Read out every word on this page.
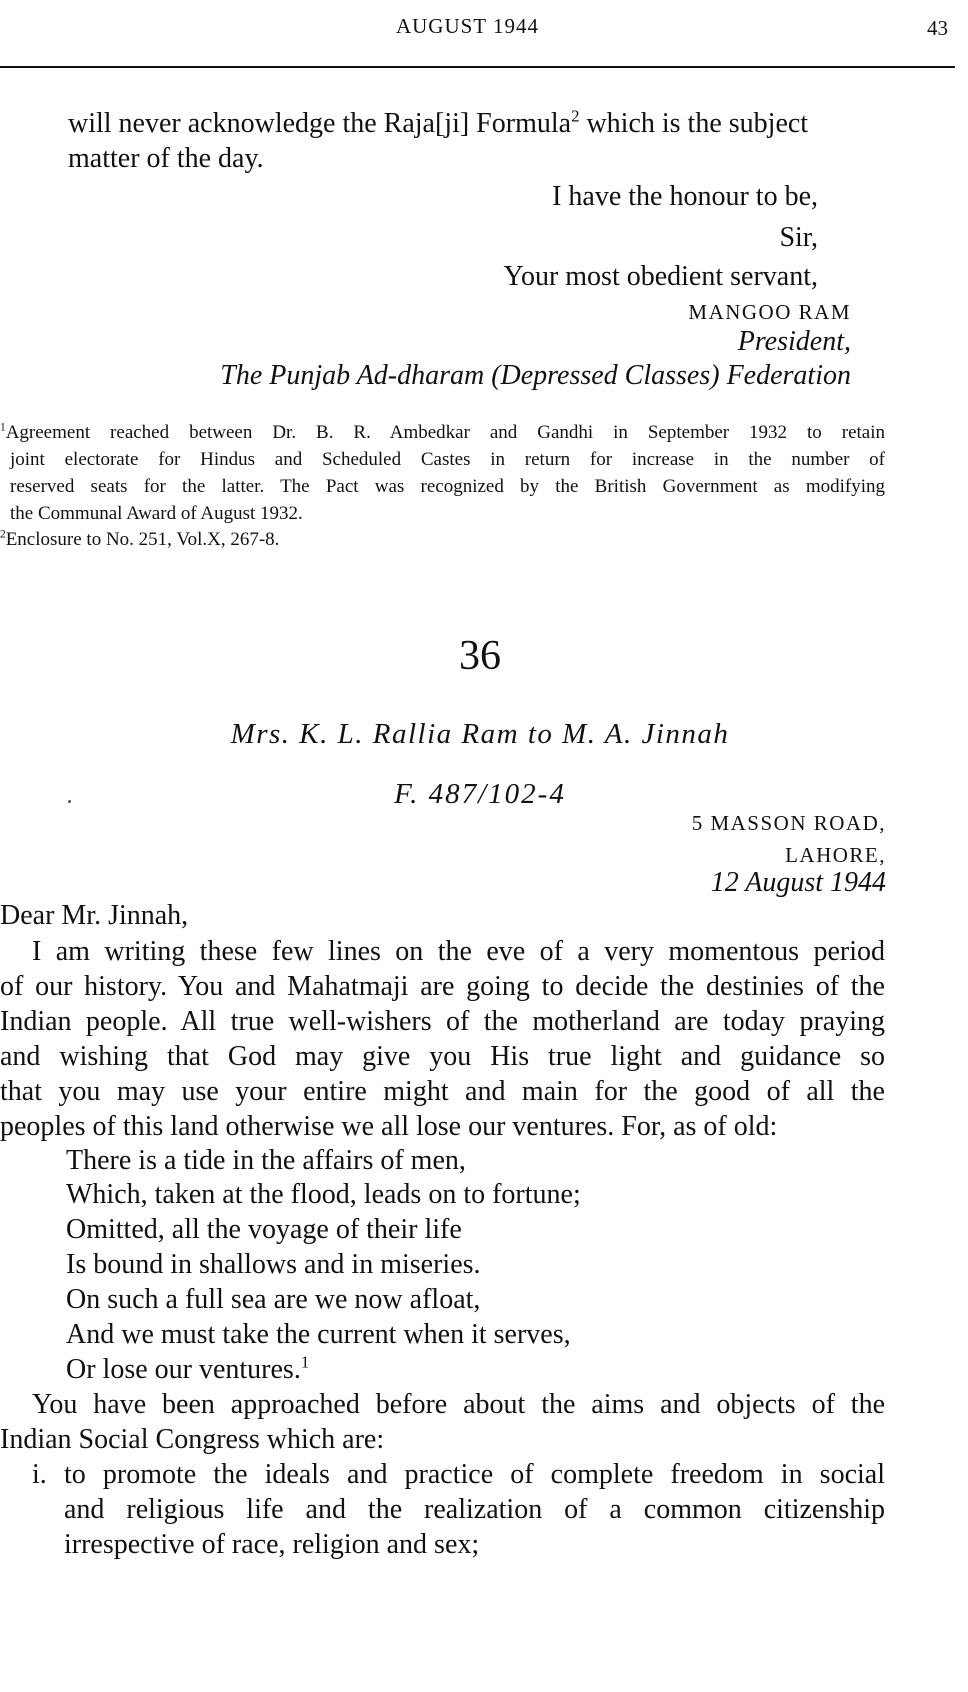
AUGUST 1944	43
will never acknowledge the Raja[ji] Formula$^2$ which is the subject
matter of the day.
I have the honour to be,
Sir,
Your most obedient servant,
MANGOO RAM
President,
The Punjab Ad-dharam (Depressed Classes) Federation
$^1$Agreement reached between Dr. B. R. Ambedkar and Gandhi in September 1932 to retain
joint electorate for Hindus and Scheduled Castes in return for increase in the number of
reserved seats for the latter. The Pact was recognized by the British Government as modifying
the Communal Award of August 1932.
$^2$Enclosure to No. 251, Vol.X, 267-8.
36
Mrs. K. L. Rallia Ram to M. A. Jinnah
F. 487/102-4
5 MASSON ROAD,
LAHORE,
12 August 1944
Dear Mr. Jinnah,
I am writing these few lines on the eve of a very momentous period
of our history. You and Mahatmaji are going to decide the destinies of the
Indian people. All true well-wishers of the motherland are today praying
and wishing that God may give you His true light and guidance so
that you may use your entire might and main for the good of all the
peoples of this land otherwise we all lose our ventures. For, as of old:
There is a tide in the affairs of men,
Which, taken at the flood, leads on to fortune;
Omitted, all the voyage of their life
Is bound in shallows and in miseries.
On such a full sea are we now afloat,
And we must take the current when it serves,
Or lose our ventures.$^1$
You have been approached before about the aims and objects of the
Indian Social Congress which are:
i. to promote the ideals and practice of complete freedom in social
and religious life and the realization of a common citizenship
irrespective of race, religion and sex;
